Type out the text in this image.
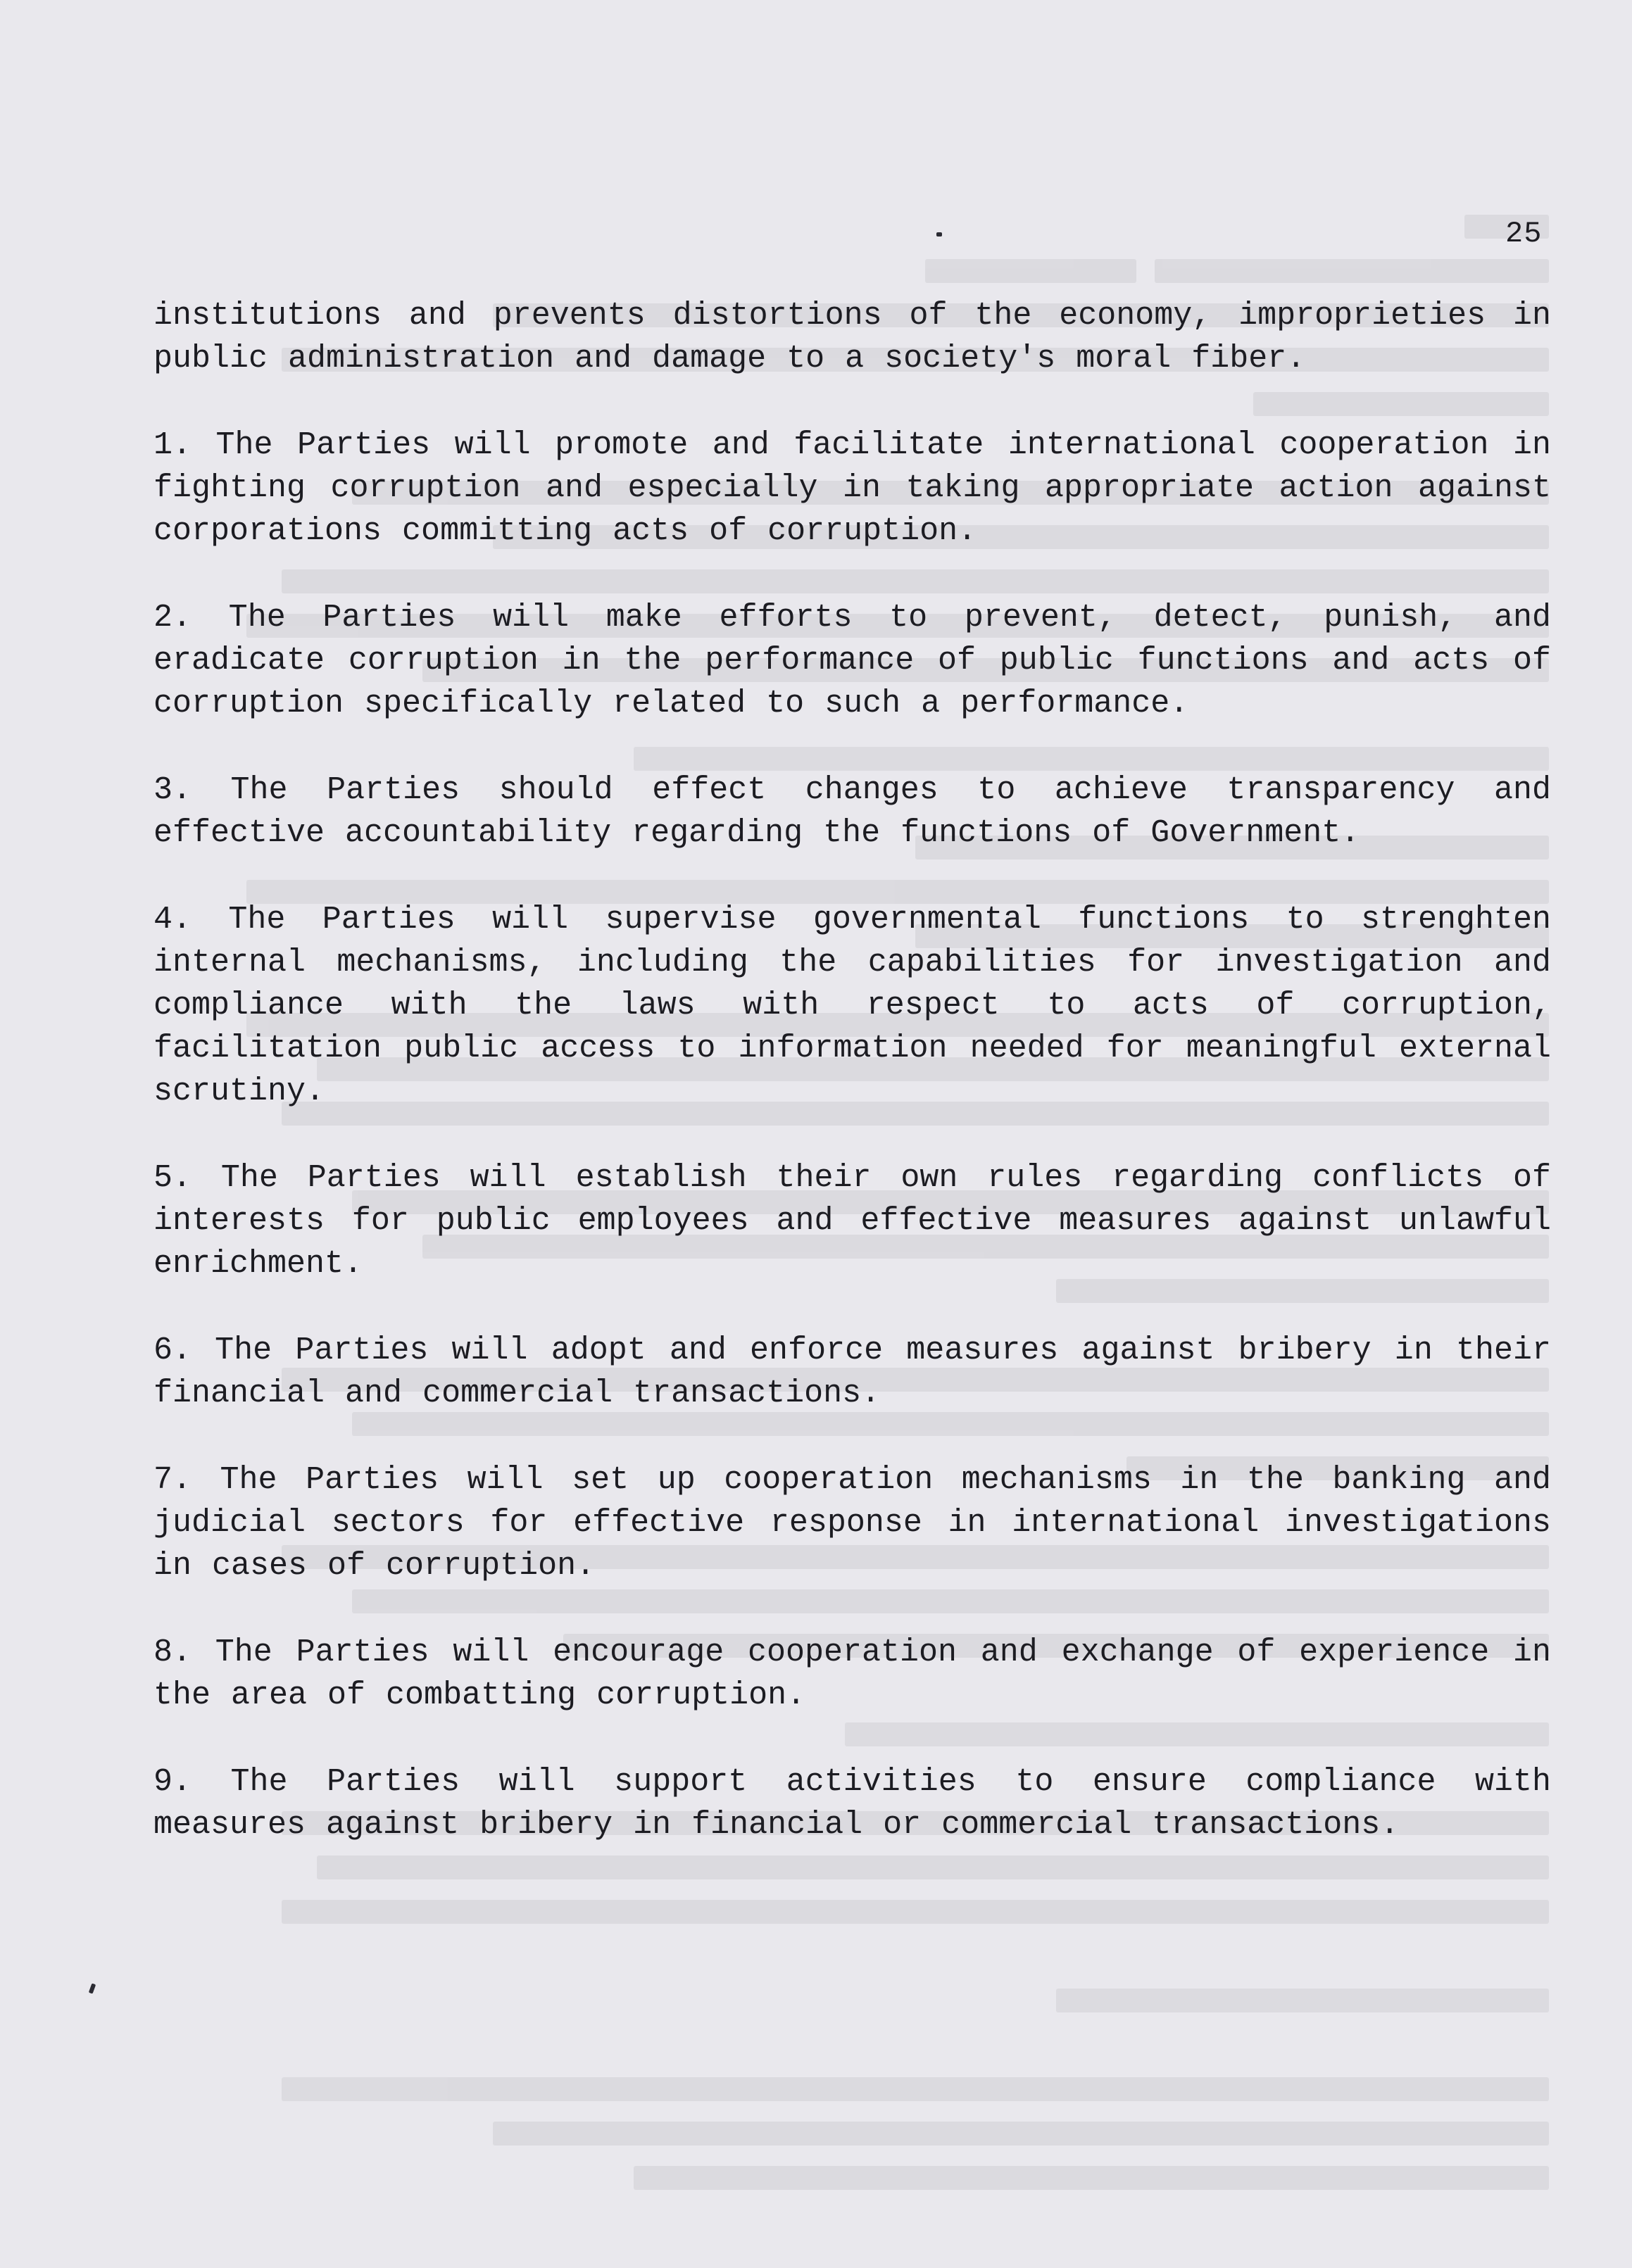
25

institutions and prevents distortions of the economy, improprieties in public administration and damage to a society's moral fiber.

1. The Parties will promote and facilitate international cooperation in fighting corruption and especially in taking appropriate action against corporations committing acts of corruption.

2. The Parties will make efforts to prevent, detect, punish, and eradicate corruption in the performance of public functions and acts of corruption specifically related to such a performance.

3. The Parties should effect changes to achieve transparency and effective accountability regarding the functions of Government.

4. The Parties will supervise governmental functions to strenghten internal mechanisms, including the capabilities for investigation and compliance with the laws with respect to acts of corruption, facilitation public access to information needed for meaningful external scrutiny.

5. The Parties will establish their own rules regarding conflicts of interests for public employees and effective measures against unlawful enrichment.

6. The Parties will adopt and enforce measures against bribery in their financial and commercial transactions.

7. The Parties will set up cooperation mechanisms in the banking and judicial sectors for effective response in international investigations in cases of corruption.

8. The Parties will encourage cooperation and exchange of experience in the area of combatting corruption.

9. The Parties will support activities to ensure compliance with measures against bribery in financial or commercial transactions.
